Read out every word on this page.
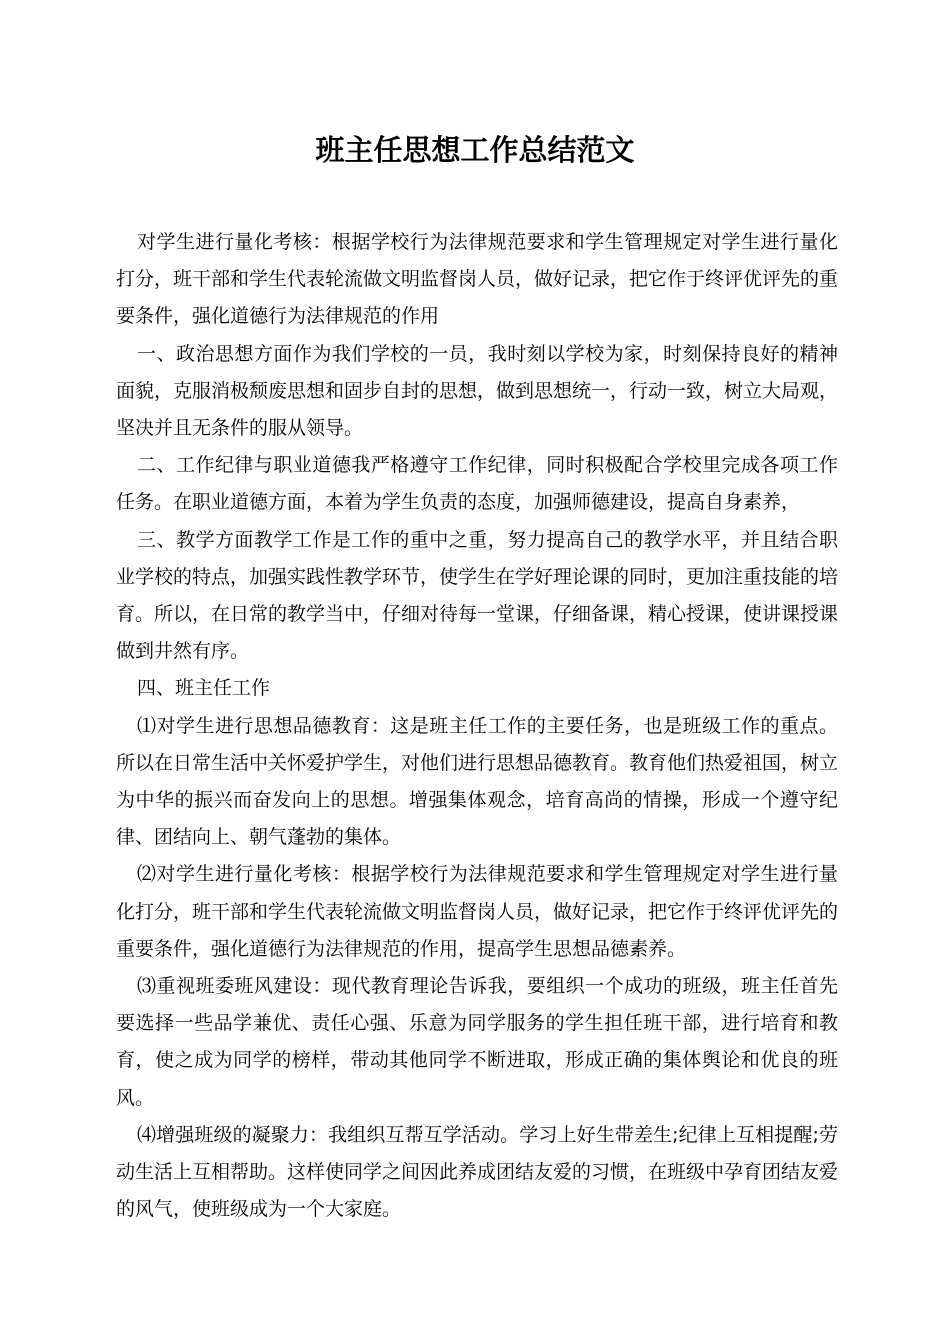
班主任思想工作总结范文

对学生进行量化考核：根据学校行为法律规范要求和学生管理规定对学生进行量化打分，班干部和学生代表轮流做文明监督岗人员，做好记录，把它作于终评优评先的重要条件，强化道德行为法律规范的作用

一、政治思想方面作为我们学校的一员，我时刻以学校为家，时刻保持良好的精神面貌，克服消极颓废思想和固步自封的思想，做到思想统一，行动一致，树立大局观，坚决并且无条件的服从领导。

二、工作纪律与职业道德我严格遵守工作纪律，同时积极配合学校里完成各项工作任务。在职业道德方面，本着为学生负责的态度，加强师德建设，提高自身素养，

三、教学方面教学工作是工作的重中之重，努力提高自己的教学水平，并且结合职业学校的特点，加强实践性教学环节，使学生在学好理论课的同时，更加注重技能的培育。所以，在日常的教学当中，仔细对待每一堂课，仔细备课，精心授课，使讲课授课做到井然有序。

四、班主任工作

⑴对学生进行思想品德教育：这是班主任工作的主要任务，也是班级工作的重点。所以在日常生活中关怀爱护学生，对他们进行思想品德教育。教育他们热爱祖国，树立为中华的振兴而奋发向上的思想。增强集体观念，培育高尚的情操，形成一个遵守纪律、团结向上、朝气蓬勃的集体。

⑵对学生进行量化考核：根据学校行为法律规范要求和学生管理规定对学生进行量化打分，班干部和学生代表轮流做文明监督岗人员，做好记录，把它作于终评优评先的重要条件，强化道德行为法律规范的作用，提高学生思想品德素养。

⑶重视班委班风建设：现代教育理论告诉我，要组织一个成功的班级，班主任首先要选择一些品学兼优、责任心强、乐意为同学服务的学生担任班干部，进行培育和教育，使之成为同学的榜样，带动其他同学不断进取，形成正确的集体舆论和优良的班风。

⑷增强班级的凝聚力：我组织互帮互学活动。学习上好生带差生;纪律上互相提醒;劳动生活上互相帮助。这样使同学之间因此养成团结友爱的习惯，在班级中孕育团结友爱的风气，使班级成为一个大家庭。
